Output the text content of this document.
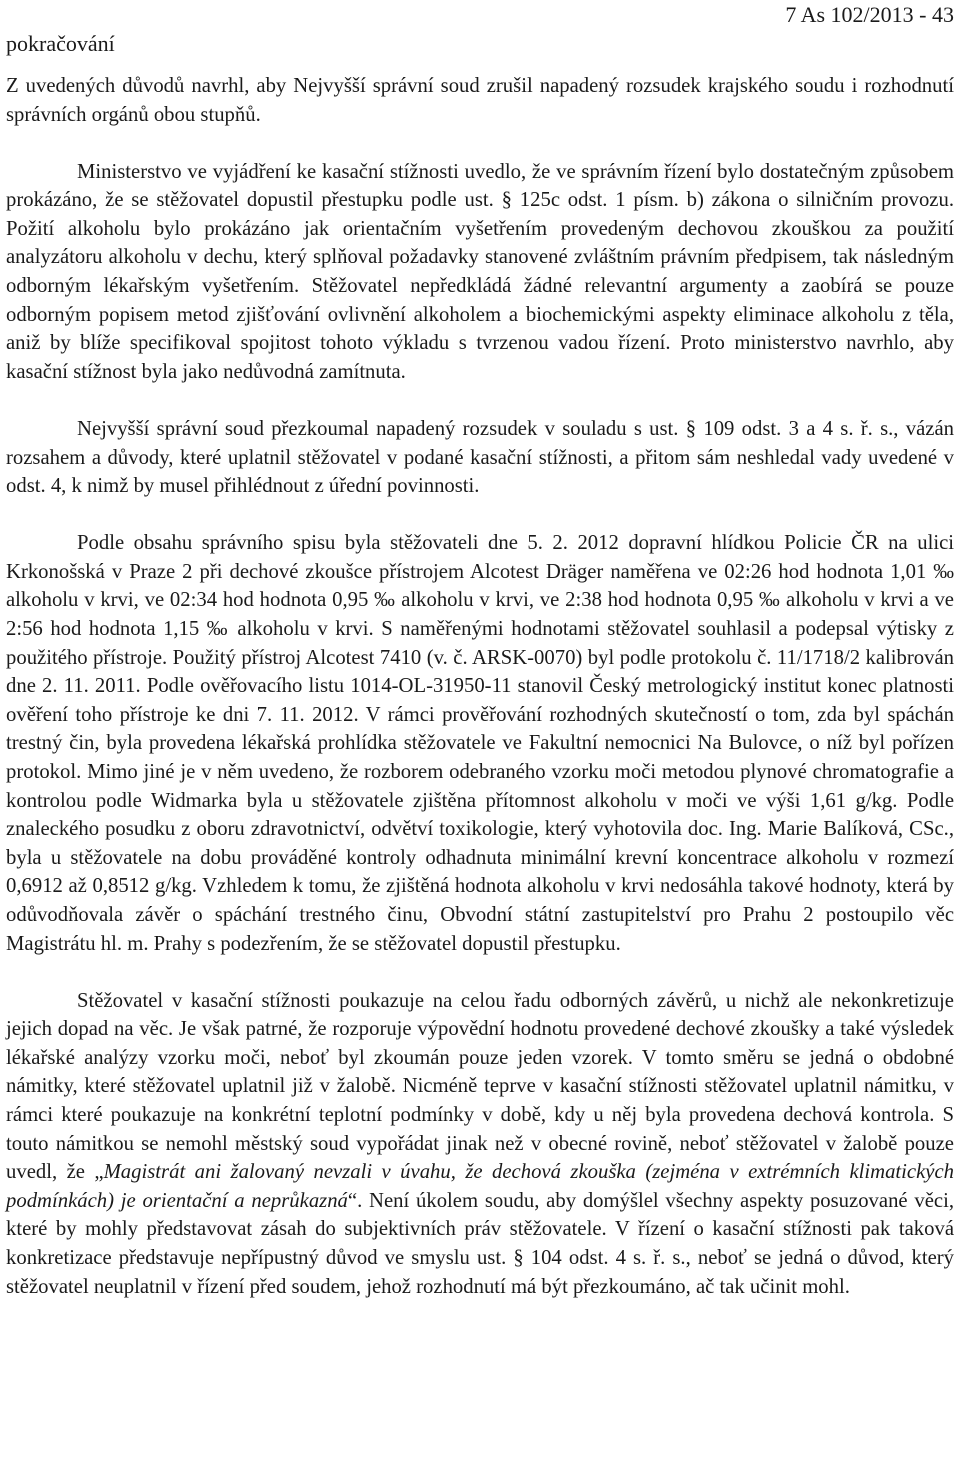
pokračování
7 As 102/2013 - 43

Z uvedených důvodů navrhl, aby Nejvyšší správní soud zrušil napadený rozsudek krajského soudu i rozhodnutí správních orgánů obou stupňů.

Ministerstvo ve vyjádření ke kasační stížnosti uvedlo, že ve správním řízení bylo dostatečným způsobem prokázáno, že se stěžovatel dopustil přestupku podle ust. § 125c odst. 1 písm. b) zákona o silničním provozu. Požití alkoholu bylo prokázáno jak orientačním vyšetřením provedeným dechovou zkouškou za použití analyzátoru alkoholu v dechu, který splňoval požadavky stanovené zvláštním právním předpisem, tak následným odborným lékařským vyšetřením. Stěžovatel nepředkládá žádné relevantní argumenty a zaobírá se pouze odborným popisem metod zjišťování ovlivnění alkoholem a biochemickými aspekty eliminace alkoholu z těla, aniž by blíže specifikoval spojitost tohoto výkladu s tvrzenou vadou řízení. Proto ministerstvo navrhlo, aby kasační stížnost byla jako nedůvodná zamítnuta.

Nejvyšší správní soud přezkoumal napadený rozsudek v souladu s ust. § 109 odst. 3 a 4 s. ř. s., vázán rozsahem a důvody, které uplatnil stěžovatel v podané kasační stížnosti, a přitom sám neshledal vady uvedené v odst. 4, k nimž by musel přihlédnout z úřední povinnosti.

Podle obsahu správního spisu byla stěžovateli dne 5. 2. 2012 dopravní hlídkou Policie ČR na ulici Krkonošská v Praze 2 při dechové zkoušce přístrojem Alcotest Dräger naměřena ve 02:26 hod hodnota 1,01 ‰ alkoholu v krvi, ve 02:34 hod hodnota 0,95 ‰ alkoholu v krvi, ve 2:38 hod hodnota 0,95 ‰ alkoholu v krvi a ve 2:56 hod hodnota 1,15 ‰ alkoholu v krvi. S naměřenými hodnotami stěžovatel souhlasil a podepsal výtisky z použitého přístroje. Použitý přístroj Alcotest 7410 (v. č. ARSK-0070) byl podle protokolu č. 11/1718/2 kalibrován dne 2. 11. 2011. Podle ověřovacího listu 1014-OL-31950-11 stanovil Český metrologický institut konec platnosti ověření toho přístroje ke dni 7. 11. 2012. V rámci prověřování rozhodných skutečností o tom, zda byl spáchán trestný čin, byla provedena lékařská prohlídka stěžovatele ve Fakultní nemocnici Na Bulovce, o níž byl pořízen protokol. Mimo jiné je v něm uvedeno, že rozborem odebraného vzorku moči metodou plynové chromatografie a kontrolou podle Widmarka byla u stěžovatele zjištěna přítomnost alkoholu v moči ve výši 1,61 g/kg. Podle znaleckého posudku z oboru zdravotnictví, odvětví toxikologie, který vyhotovila doc. Ing. Marie Balíková, CSc., byla u stěžovatele na dobu prováděné kontroly odhadnuta minimální krevní koncentrace alkoholu v rozmezí 0,6912 až 0,8512 g/kg. Vzhledem k tomu, že zjištěná hodnota alkoholu v krvi nedosáhla takové hodnoty, která by odůvodňovala závěr o spáchání trestného činu, Obvodní státní zastupitelství pro Prahu 2 postoupilo věc Magistrátu hl. m. Prahy s podezřením, že se stěžovatel dopustil přestupku.

Stěžovatel v kasační stížnosti poukazuje na celou řadu odborných závěrů, u nichž ale nekonkretizuje jejich dopad na věc. Je však patrné, že rozporuje výpovědní hodnotu provedené dechové zkoušky a také výsledek lékařské analýzy vzorku moči, neboť byl zkoumán pouze jeden vzorek. V tomto směru se jedná o obdobné námitky, které stěžovatel uplatnil již v žalobě. Nicméně teprve v kasační stížnosti stěžovatel uplatnil námitku, v rámci které poukazuje na konkrétní teplotní podmínky v době, kdy u něj byla provedena dechová kontrola. S touto námitkou se nemohl městský soud vypořádat jinak než v obecné rovině, neboť stěžovatel v žalobě pouze uvedl, že „Magistrát ani žalovaný nevzali v úvahu, že dechová zkouška (zejména v extrémních klimatických podmínkách) je orientační a neprůkazná“. Není úkolem soudu, aby domýšlel všechny aspekty posuzované věci, které by mohly představovat zásah do subjektivních práv stěžovatele. V řízení o kasační stížnosti pak taková konkretizace představuje nepřípustný důvod ve smyslu ust. § 104 odst. 4 s. ř. s., neboť se jedná o důvod, který stěžovatel neuplatnil v řízení před soudem, jehož rozhodnutí má být přezkoumáno, ač tak učinit mohl.
